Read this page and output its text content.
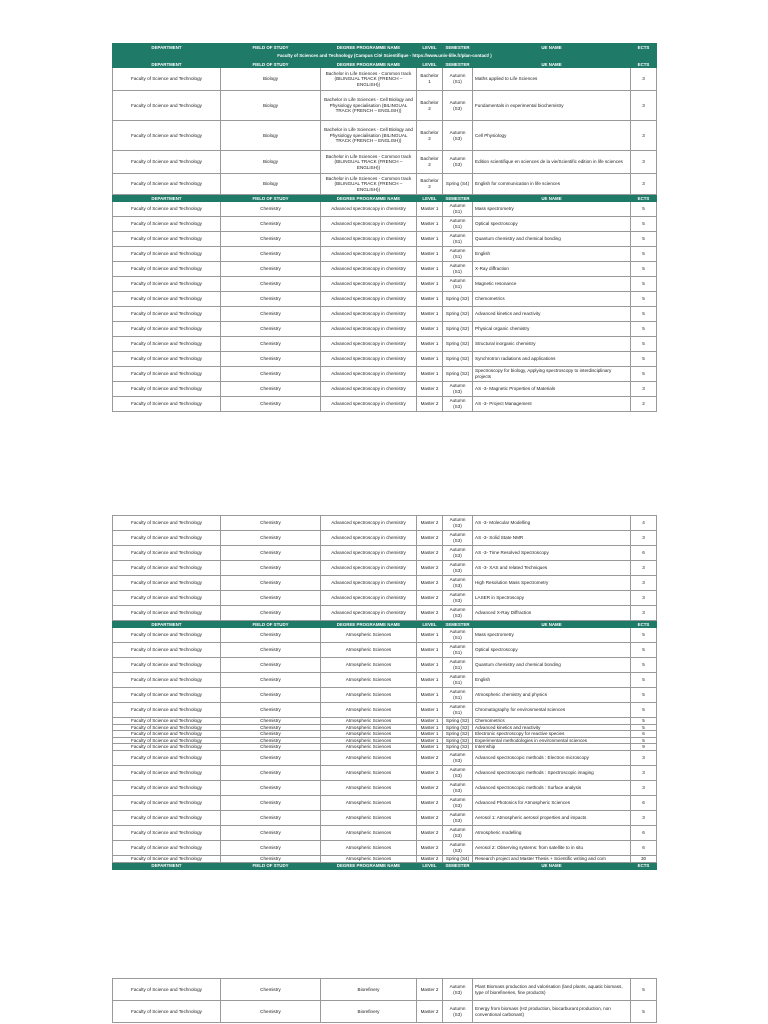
DEPARTMENT	FIELD OF STUDY	DEGREE PROGRAMME NAME	LEVEL	SEMESTER	UE NAME	ECTS
Faculty of Sciences and Technology (Campus Cité Scientifique - https://www.univ-lille.fr/plan-contact/ )						
DEPARTMENT	FIELD OF STUDY	DEGREE PROGRAMME NAME	LEVEL	SEMESTER	UE NAME	ECTS
Faculty of Science and Technology	Biology	Bachelor in Life Sciences - Common track (BILINGUAL TRACK (FRENCH – ENGLISH))	Bachelor 1	Autumn (S1)	Maths applied to Life Sciences	3
Faculty of Science and Technology	Biology	Bachelor in Life Sciences - Cell Biology and Physiology specialisation (BILINGUAL TRACK (FRENCH – ENGLISH))	Bachelor 2	Autumn (S3)	Fundamentals in experimental biochemistry	3
Faculty of Science and Technology	Biology	Bachelor in Life Sciences - Cell Biology and Physiology specialisation (BILINGUAL TRACK (FRENCH – ENGLISH))	Bachelor 2	Autumn (S3)	Cell Physiology	3
Faculty of Science and Technology	Biology	Bachelor in Life Sciences - Common track (BILINGUAL TRACK (FRENCH – ENGLISH))	Bachelor 2	Autumn (S3)	Edition scientifique en sciences de la vie/Scientific edition in life sciences	3
Faculty of Science and Technology	Biology	Bachelor in Life Sciences - Common track (BILINGUAL TRACK (FRENCH – ENGLISH))	Bachelor 2	Spring (S4)	English for communication in life sciences	3
DEPARTMENT	FIELD OF STUDY	DEGREE PROGRAMME NAME	LEVEL	SEMESTER	UE NAME	ECTS
Faculty of Science and Technology	Chemistry	Advanced spectroscopy in chemistry	Master 1	Autumn (S1)	Mass spectrometry	5
Faculty of Science and Technology	Chemistry	Advanced spectroscopy in chemistry	Master 1	Autumn (S1)	Optical spectroscopy	5
Faculty of Science and Technology	Chemistry	Advanced spectroscopy in chemistry	Master 1	Autumn (S1)	Quantum chemistry and chemical bonding	5
Faculty of Science and Technology	Chemistry	Advanced spectroscopy in chemistry	Master 1	Autumn (S1)	English	5
Faculty of Science and Technology	Chemistry	Advanced spectroscopy in chemistry	Master 1	Autumn (S1)	X-Ray diffraction	5
Faculty of Science and Technology	Chemistry	Advanced spectroscopy in chemistry	Master 1	Autumn (S1)	Magnetic resonance	5
Faculty of Science and Technology	Chemistry	Advanced spectroscopy in chemistry	Master 1	Spring (S2)	Chemometrics	5
Faculty of Science and Technology	Chemistry	Advanced spectroscopy in chemistry	Master 1	Spring (S2)	Advanced kinetics and reactivity	5
Faculty of Science and Technology	Chemistry	Advanced spectroscopy in chemistry	Master 1	Spring (S2)	Physical organic chemistry	5
Faculty of Science and Technology	Chemistry	Advanced spectroscopy in chemistry	Master 1	Spring (S2)	Structural inorganic chemistry	5
Faculty of Science and Technology	Chemistry	Advanced spectroscopy in chemistry	Master 1	Spring (S2)	Synchrotron radiations and applications	5
Faculty of Science and Technology	Chemistry	Advanced spectroscopy in chemistry	Master 1	Spring (S2)	Spectroscopy for biology, Applying spectroscopy to interdisciplinary projects	5
Faculty of Science and Technology	Chemistry	Advanced spectroscopy in chemistry	Master 2	Autumn (S3)	AS -3- Magnetic Properties of Materials	3
Faculty of Science and Technology	Chemistry	Advanced spectroscopy in chemistry	Master 2	Autumn (S3)	AS -3- Project Management	2
Faculty of Science and Technology	Chemistry	Advanced spectroscopy in chemistry	Master 2	Autumn (S3)	AS -3- Molecular Modelling	4
Faculty of Science and Technology	Chemistry	Advanced spectroscopy in chemistry	Master 2	Autumn (S3)	AS -3- Solid State NMR	3
Faculty of Science and Technology	Chemistry	Advanced spectroscopy in chemistry	Master 2	Autumn (S3)	AS -3- Time Resolved Spectroscopy	6
Faculty of Science and Technology	Chemistry	Advanced spectroscopy in chemistry	Master 2	Autumn (S3)	AS -3- XAS and related Techniques	3
Faculty of Science and Technology	Chemistry	Advanced spectroscopy in chemistry	Master 2	Autumn (S3)	High Resolution Mass Spectrometry	3
Faculty of Science and Technology	Chemistry	Advanced spectroscopy in chemistry	Master 2	Autumn (S3)	LASER in Spectroscopy	3
Faculty of Science and Technology	Chemistry	Advanced spectroscopy in chemistry	Master 2	Autumn (S3)	Advanced X-Ray Diffraction	3
DEPARTMENT	FIELD OF STUDY	DEGREE PROGRAMME NAME	LEVEL	SEMESTER	UE NAME	ECTS
Faculty of Science and Technology	Chemistry	Atmospheric Sciences	Master 1	Autumn (S1)	Mass spectrometry	5
Faculty of Science and Technology	Chemistry	Atmospheric Sciences	Master 1	Autumn (S1)	Optical spectroscopy	5
Faculty of Science and Technology	Chemistry	Atmospheric Sciences	Master 1	Autumn (S1)	Quantum chemistry and chemical bonding	5
Faculty of Science and Technology	Chemistry	Atmospheric Sciences	Master 1	Autumn (S1)	English	5
Faculty of Science and Technology	Chemistry	Atmospheric Sciences	Master 1	Autumn (S1)	Atmospheric chemistry and physics	5
Faculty of Science and Technology	Chemistry	Atmospheric Sciences	Master 1	Autumn (S1)	Chromatography for environmental sciences	5
Faculty of Science and Technology	Chemistry	Atmospheric Sciences	Master 1	Spring (S2)	Chemometrics	5
Faculty of Science and Technology	Chemistry	Atmospheric Sciences	Master 1	Spring (S2)	Advanced kinetics and reactivity	5
Faculty of Science and Technology	Chemistry	Atmospheric Sciences	Master 1	Spring (S2)	Electronic spectroscopy for reactive species	6
Faculty of Science and Technology	Chemistry	Atmospheric Sciences	Master 1	Spring (S2)	Experimental methodologies in environmental sciences	5
Faculty of Science and Technology	Chemistry	Atmospheric Sciences	Master 1	Spring (S2)	Internship	9
Faculty of Science and Technology	Chemistry	Atmospheric Sciences	Master 2	Autumn (S3)	Advanced spectroscopic methods : Electron microscopy	3
Faculty of Science and Technology	Chemistry	Atmospheric Sciences	Master 2	Autumn (S3)	Advanced spectroscopic methods : Spectroscopic imaging	3
Faculty of Science and Technology	Chemistry	Atmospheric Sciences	Master 2	Autumn (S3)	Advanced spectroscopic methods : Surface analysis	3
Faculty of Science and Technology	Chemistry	Atmospheric Sciences	Master 2	Autumn (S3)	Advanced Photonics for Atmospheric Sciences	6
Faculty of Science and Technology	Chemistry	Atmospheric Sciences	Master 2	Autumn (S3)	Aerosol 1: Atmospheric aerosol properties and impacts	3
Faculty of Science and Technology	Chemistry	Atmospheric Sciences	Master 2	Autumn (S3)	Atmospheric modelling	6
Faculty of Science and Technology	Chemistry	Atmospheric Sciences	Master 2	Autumn (S3)	Aerosol 2: Observing systems: from satellite to in situ	6
Faculty of Science and Technology	Chemistry	Atmospheric Sciences	Master 2	Spring (S4)	Research project and Master Thesis + Scientific writing and com	30
DEPARTMENT	FIELD OF STUDY	DEGREE PROGRAMME NAME	LEVEL	SEMESTER	UE NAME	ECTS
Faculty of Science and Technology	Chemistry	Biorefinery	Master 2	Autumn (S3)	Plant Biomass production and valorisation (land plants, aquatic biomass, type of biorefineries, fine products)	5
Faculty of Science and Technology	Chemistry	Biorefinery	Master 2	Autumn (S3)	Energy from biomass (H2 production, biocarburant production, non conventional carbonant)	5
